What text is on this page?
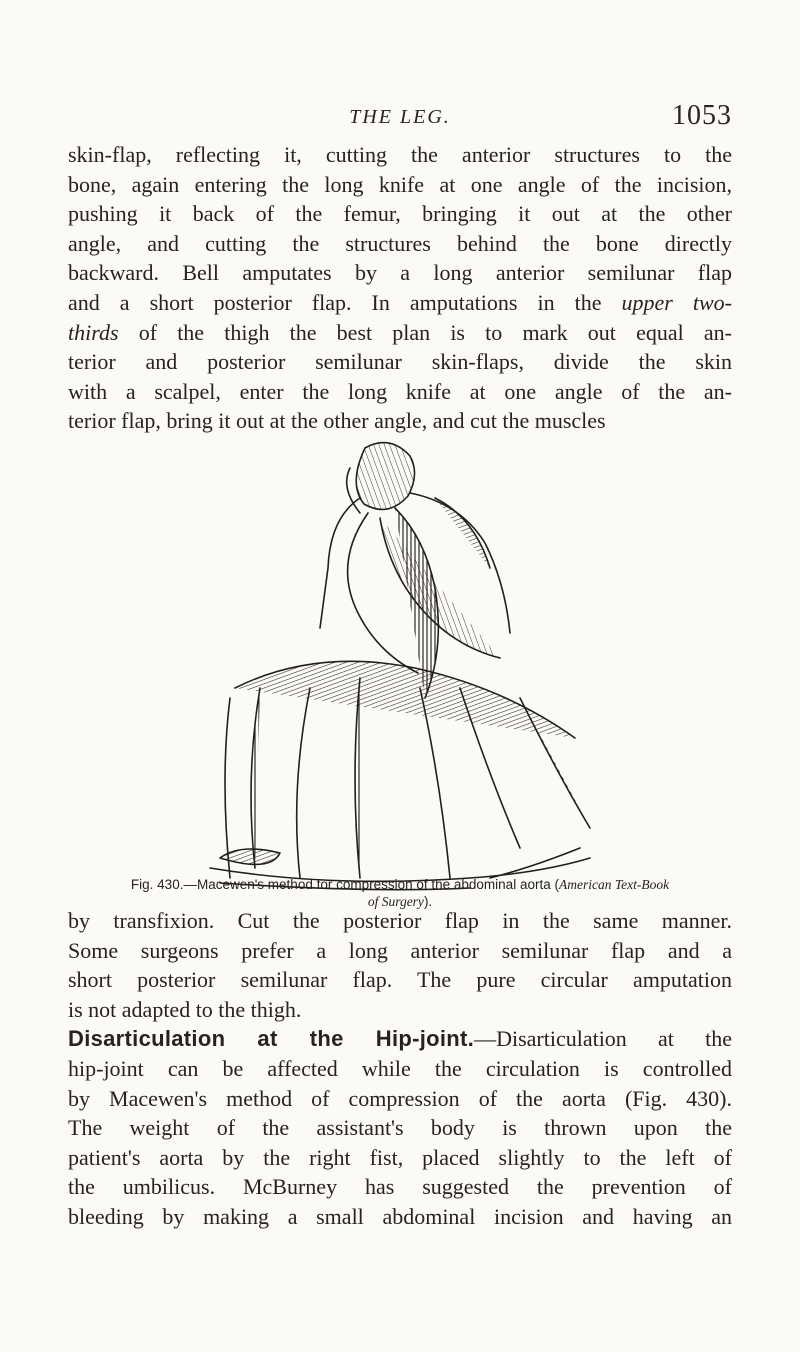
THE LEG.	1053
skin-flap, reflecting it, cutting the anterior structures to the
bone, again entering the long knife at one angle of the incision,
pushing it back of the femur, bringing it out at the other
angle, and cutting the structures behind the bone directly
backward. Bell amputates by a long anterior semilunar flap
and a short posterior flap. In amputations in the upper two-
thirds of the thigh the best plan is to mark out equal an-
terior and posterior semilunar skin-flaps, divide the skin
with a scalpel, enter the long knife at one angle of the an-
terior flap, bring it out at the other angle, and cut the muscles
Fig. 430.—Macewen's method for compression of the abdominal aorta (American Text-Book
of Surgery).
by transfixion. Cut the posterior flap in the same manner.
Some surgeons prefer a long anterior semilunar flap and a
short posterior semilunar flap. The pure circular amputation
is not adapted to the thigh.
Disarticulation at the Hip-joint.—Disarticulation at the
hip-joint can be affected while the circulation is controlled
by Macewen's method of compression of the aorta (Fig. 430).
The weight of the assistant's body is thrown upon the
patient's aorta by the right fist, placed slightly to the left of
the umbilicus. McBurney has suggested the prevention of
bleeding by making a small abdominal incision and having an
